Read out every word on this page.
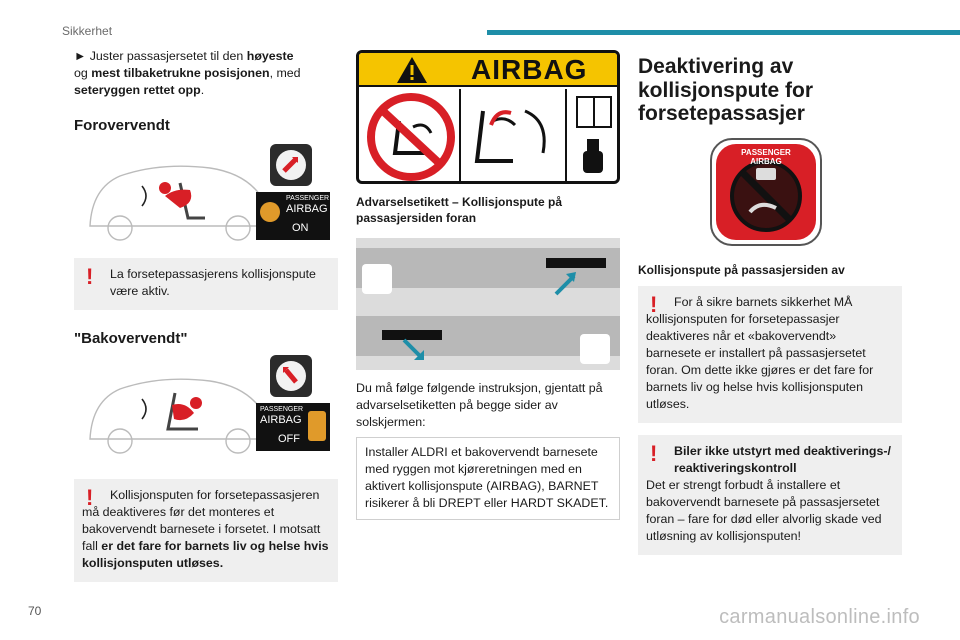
Sikkerhet

► Juster passasjersetet til den høyeste
og mest tilbaketrukne posisjonen, med
seteryggen rettet opp.

Forovervendt
PASSENGER
AIRBAG
ON
!	La forsetepassasjerens kollisjonspute være aktiv.
"Bakovervendt"
PASSENGER
AIRBAG
OFF
!	Kollisjonsputen for forsetepassasjeren må deaktiveres før det monteres et bakovervendt barnesete i forsetet. I motsatt fall er det fare for barnets liv og helse hvis kollisjonsputen utløses.
AIRBAG
Advarselsetikett – Kollisjonspute på passasjersiden foran

Du må følge følgende instruksjon, gjentatt på advarselsetiketten på begge sider av solskjermen:

Installer ALDRI et bakovervendt barnesete med ryggen mot kjøreretningen med en aktivert kollisjonspute (AIRBAG), BARNET risikerer å bli DREPT eller HARDT SKADET.
Deaktivering av kollisjonspute for forsetepassasjer
PASSENGER AIRBAG
Kollisjonspute på passasjersiden av
!	For å sikre barnets sikkerhet MÅ kollisjonsputen for forsetepassasjer deaktiveres når et «bakovervendt» barnesete er installert på passasjersetet foran. Om dette ikke gjøres er det fare for barnets liv og helse hvis kollisjonsputen utløses.
!	Biler ikke utstyrt med deaktiverings-/ reaktiveringskontroll
Det er strengt forbudt å installere et bakovervendt barnesete på passasjersetet foran – fare for død eller alvorlig skade ved utløsning av kollisjonsputen!
70	carmanualsonline.info
